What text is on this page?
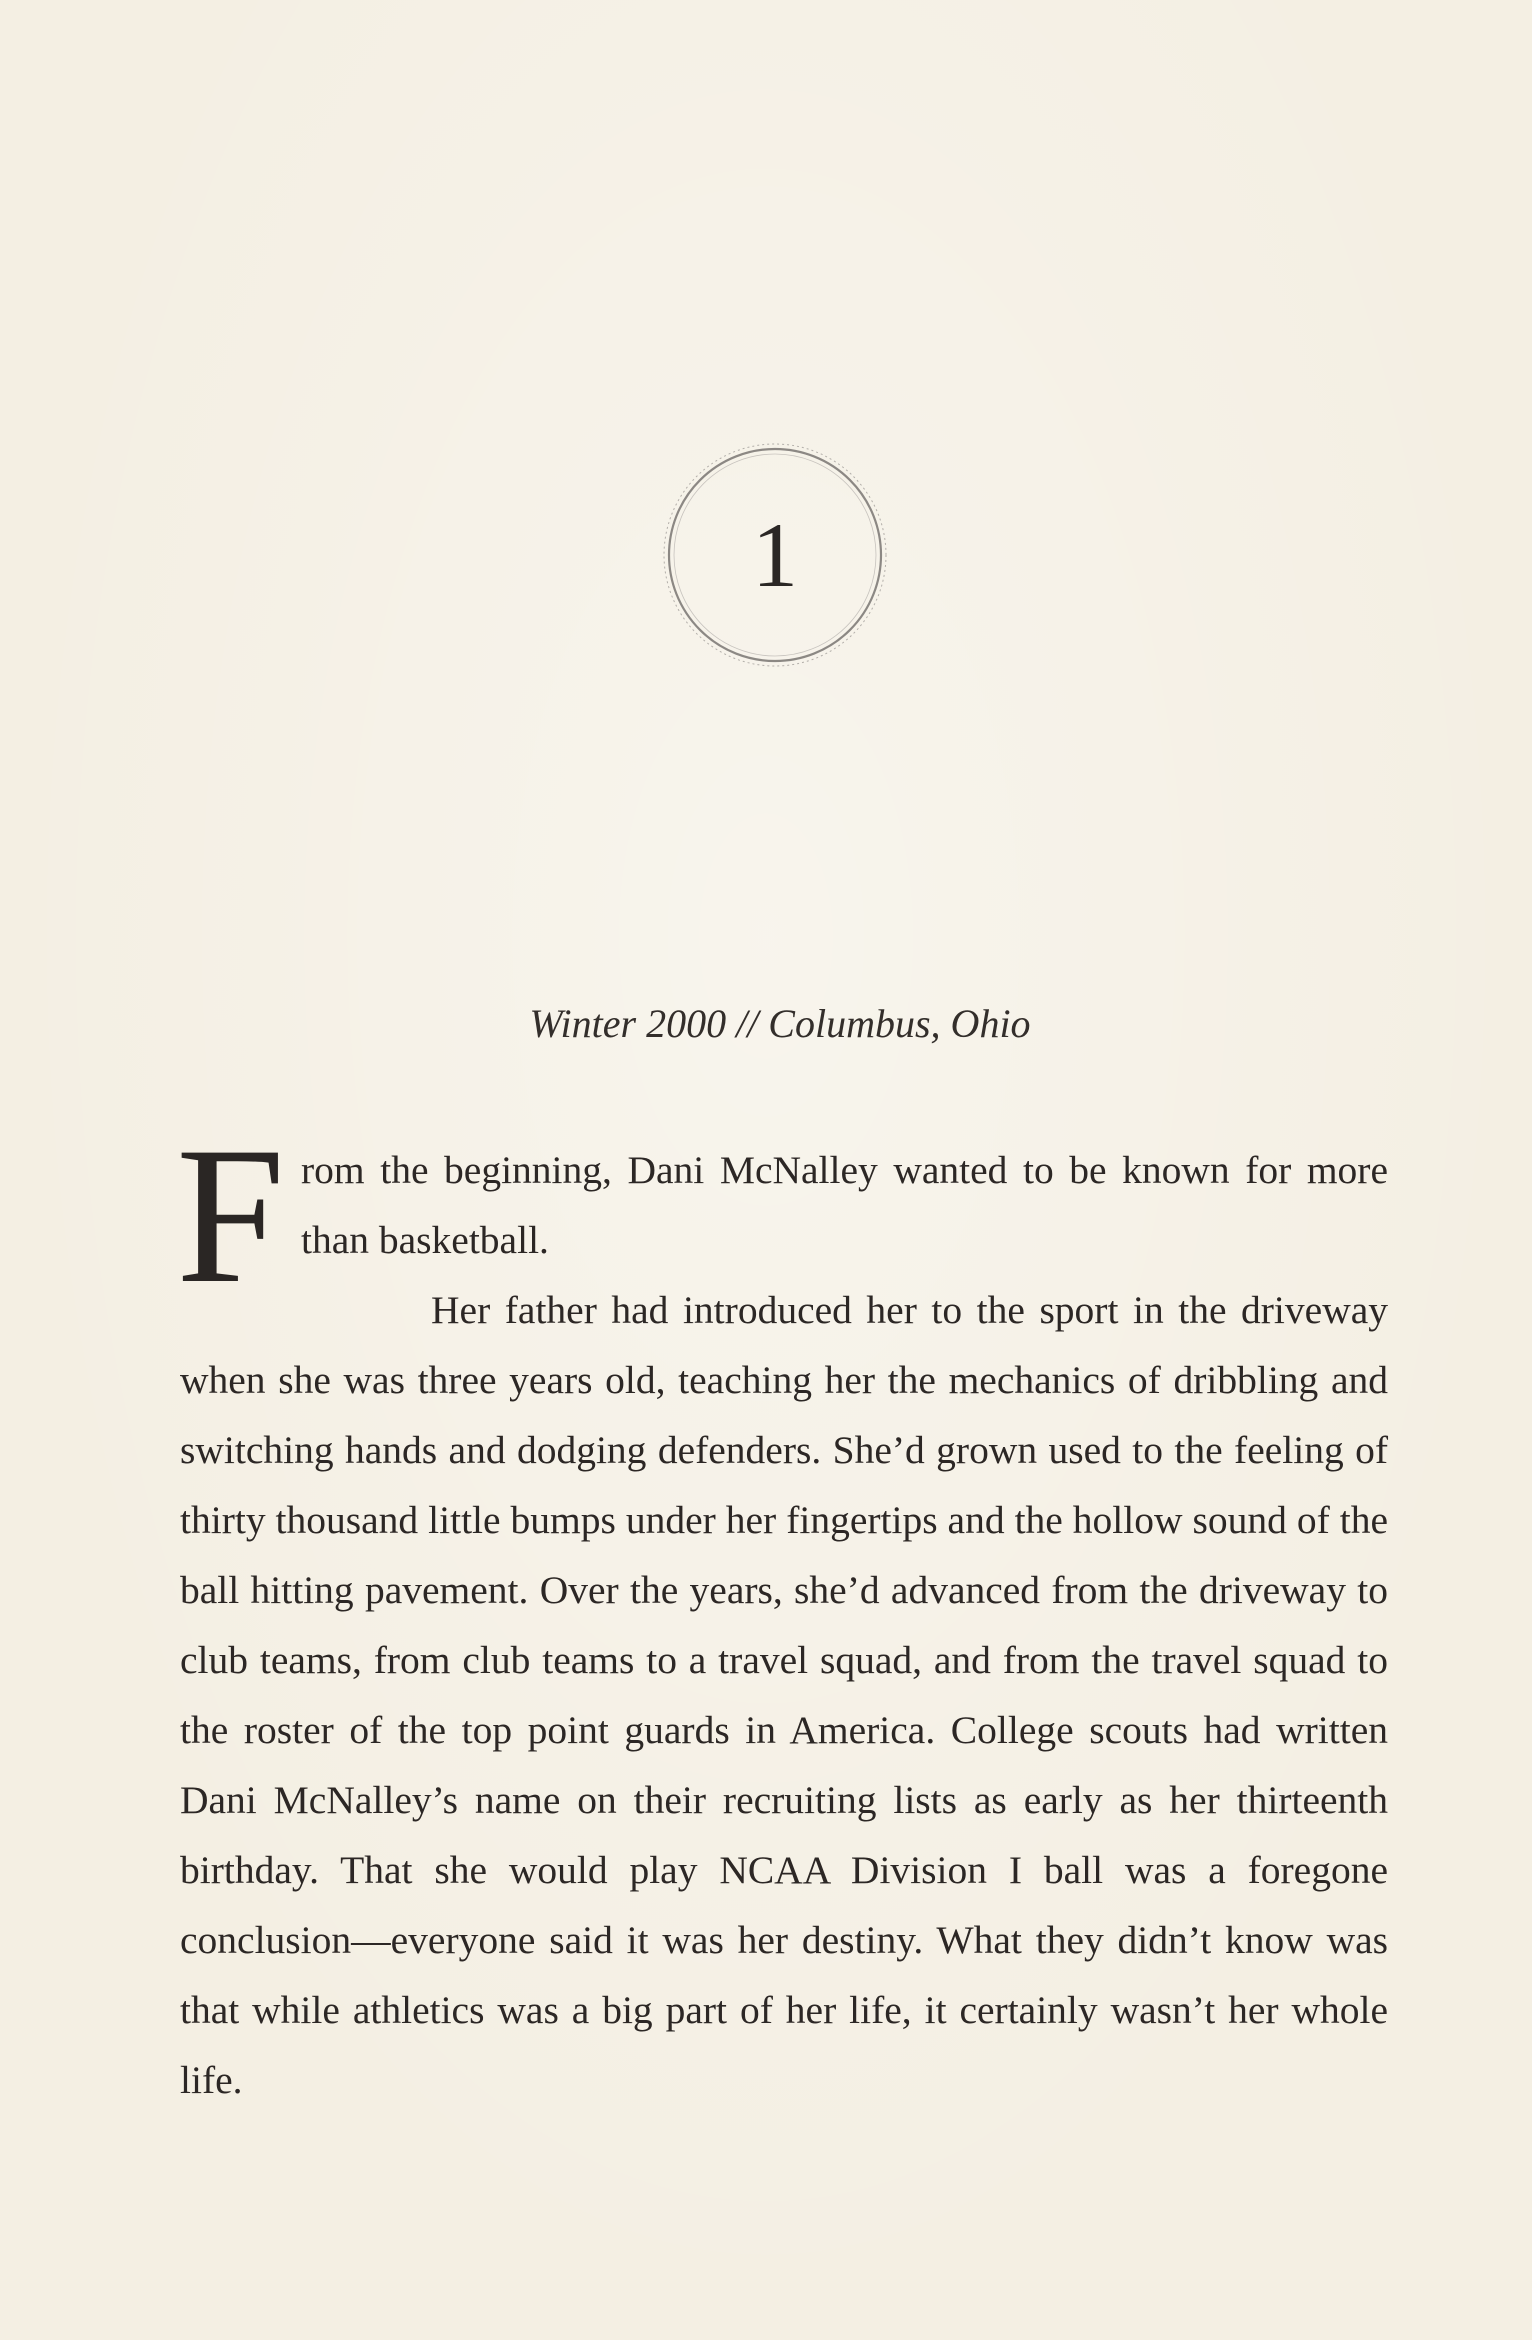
1
Winter 2000 // Columbus, Ohio

From the beginning, Dani McNalley wanted to be known for more than basketball.

Her father had introduced her to the sport in the driveway when she was three years old, teaching her the mechanics of dribbling and switching hands and dodging defenders. She’d grown used to the feeling of thirty thousand little bumps under her fingertips and the hollow sound of the ball hitting pavement. Over the years, she’d advanced from the driveway to club teams, from club teams to a travel squad, and from the travel squad to the roster of the top point guards in America. College scouts had written Dani McNalley’s name on their recruiting lists as early as her thirteenth birthday. That she would play NCAA Division I ball was a foregone conclusion—everyone said it was her destiny. What they didn’t know was that while athletics was a big part of her life, it certainly wasn’t her whole life.
